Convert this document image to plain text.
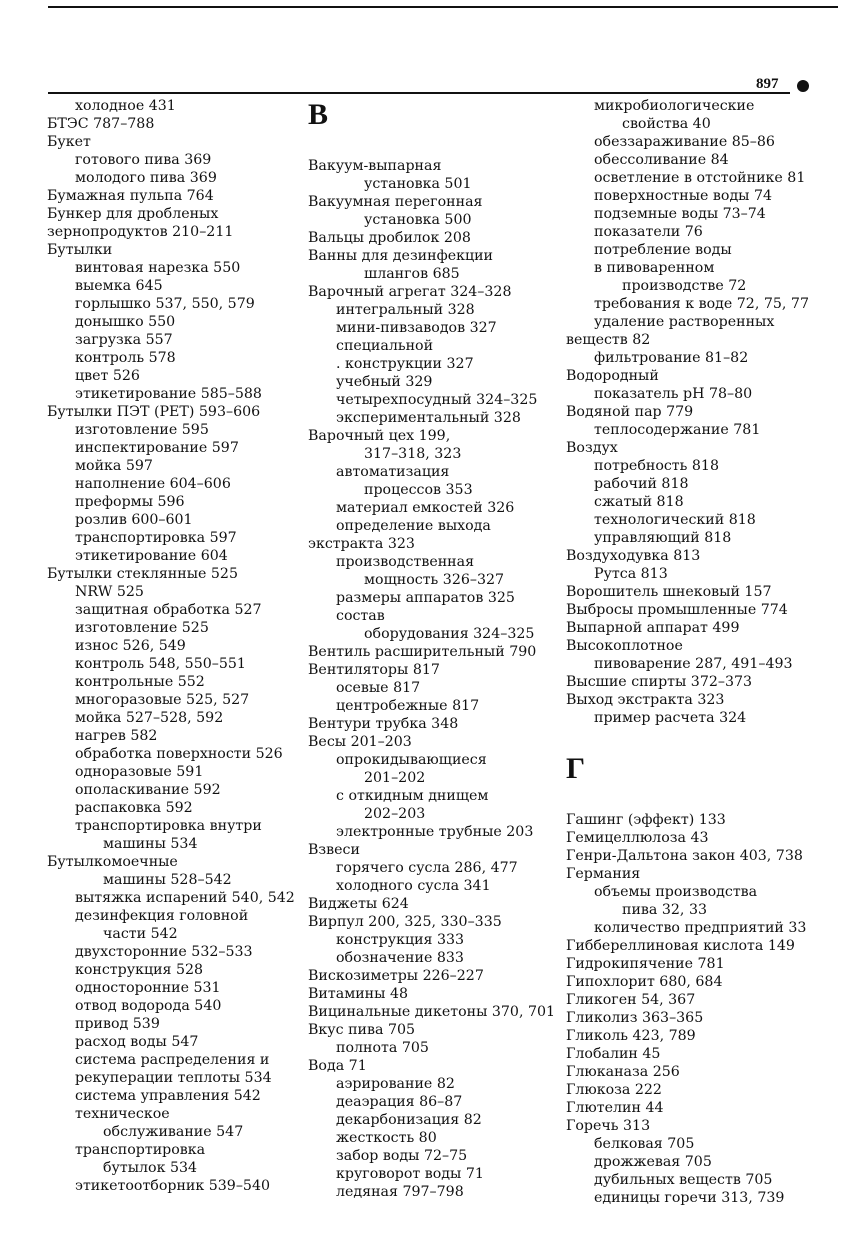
897
холодное 431
БТЭС 787–788
Букет
готового пива 369
молодого пива 369
Бумажная пульпа 764
Бункер для дробленых
зернопродуктов 210–211
Бутылки
винтовая нарезка 550
выемка 645
горлышко 537, 550, 579
донышко 550
загрузка 557
контроль 578
цвет 526
этикетирование 585–588
Бутылки ПЭТ (PET) 593–606
изготовление 595
инспектирование 597
мойка 597
наполнение 604–606
преформы 596
розлив 600–601
транспортировка 597
этикетирование 604
Бутылки стеклянные 525
NRW 525
защитная обработка 527
изготовление 525
износ 526, 549
контроль 548, 550–551
контрольные 552
многоразовые 525, 527
мойка 527–528, 592
нагрев 582
обработка поверхности 526
одноразовые 591
ополаскивание 592
распаковка 592
транспортировка внутри
машины 534
Бутылкомоечные
машины 528–542
вытяжка испарений 540, 542
дезинфекция головной
части 542
двухсторонние 532–533
конструкция 528
односторонние 531
отвод водорода 540
привод 539
расход воды 547
система распределения и
рекуперации теплоты 534
система управления 542
техническое
обслуживание 547
транспортировка
бутылок 534
этикетоотборник 539–540
В
Вакуум-выпарная
установка 501
Вакуумная перегонная
установка 500
Вальцы дробилок 208
Ванны для дезинфекции
шлангов 685
Варочный агрегат 324–328
интегральный 328
мини-пивзаводов 327
специальной
. конструкции 327
учебный 329
четырехпосудный 324–325
экспериментальный 328
Варочный цех 199,
317–318, 323
автоматизация
процессов 353
материал емкостей 326
определение выхода
экстракта 323
производственная
мощность 326–327
размеры аппаратов 325
состав
оборудования 324–325
Вентиль расширительный 790
Вентиляторы 817
осевые 817
центробежные 817
Вентури трубка 348
Весы 201–203
опрокидывающиеся
201–202
с откидным днищем
202–203
электронные трубные 203
Взвеси
горячего сусла 286, 477
холодного сусла 341
Виджеты 624
Вирпул 200, 325, 330–335
конструкция 333
обозначение 833
Вискозиметры 226–227
Витамины 48
Вицинальные дикетоны 370, 701
Вкус пива 705
полнота 705
Вода 71
аэрирование 82
деаэрация 86–87
декарбонизация 82
жесткость 80
забор воды 72–75
круговорот воды 71
ледяная 797–798
микробиологические
свойства 40
обеззараживание 85–86
обессоливание 84
осветление в отстойнике 81
поверхностные воды 74
подземные воды 73–74
показатели 76
потребление воды
в пивоваренном
производстве 72
требования к воде 72, 75, 77
удаление растворенных
веществ 82
фильтрование 81–82
Водородный
показатель pH 78–80
Водяной пар 779
теплосодержание 781
Воздух
потребность 818
рабочий 818
сжатый 818
технологический 818
управляющий 818
Воздуходувка 813
Рутса 813
Ворошитель шнековый 157
Выбросы промышленные 774
Выпарной аппарат 499
Высокоплотное
пивоварение 287, 491–493
Высшие спирты 372–373
Выход экстракта 323
пример расчета 324
Г
Гашинг (эффект) 133
Гемицеллюлоза 43
Генри-Дальтона закон 403, 738
Германия
объемы производства
пива 32, 33
количество предприятий 33
Гиббереллиновая кислота 149
Гидрокипячение 781
Гипохлорит 680, 684
Гликоген 54, 367
Гликолиз 363–365
Гликоль 423, 789
Глобалин 45
Глюканаза 256
Глюкоза 222
Глютелин 44
Горечь 313
белковая 705
дрожжевая 705
дубильных веществ 705
единицы горечи 313, 739
